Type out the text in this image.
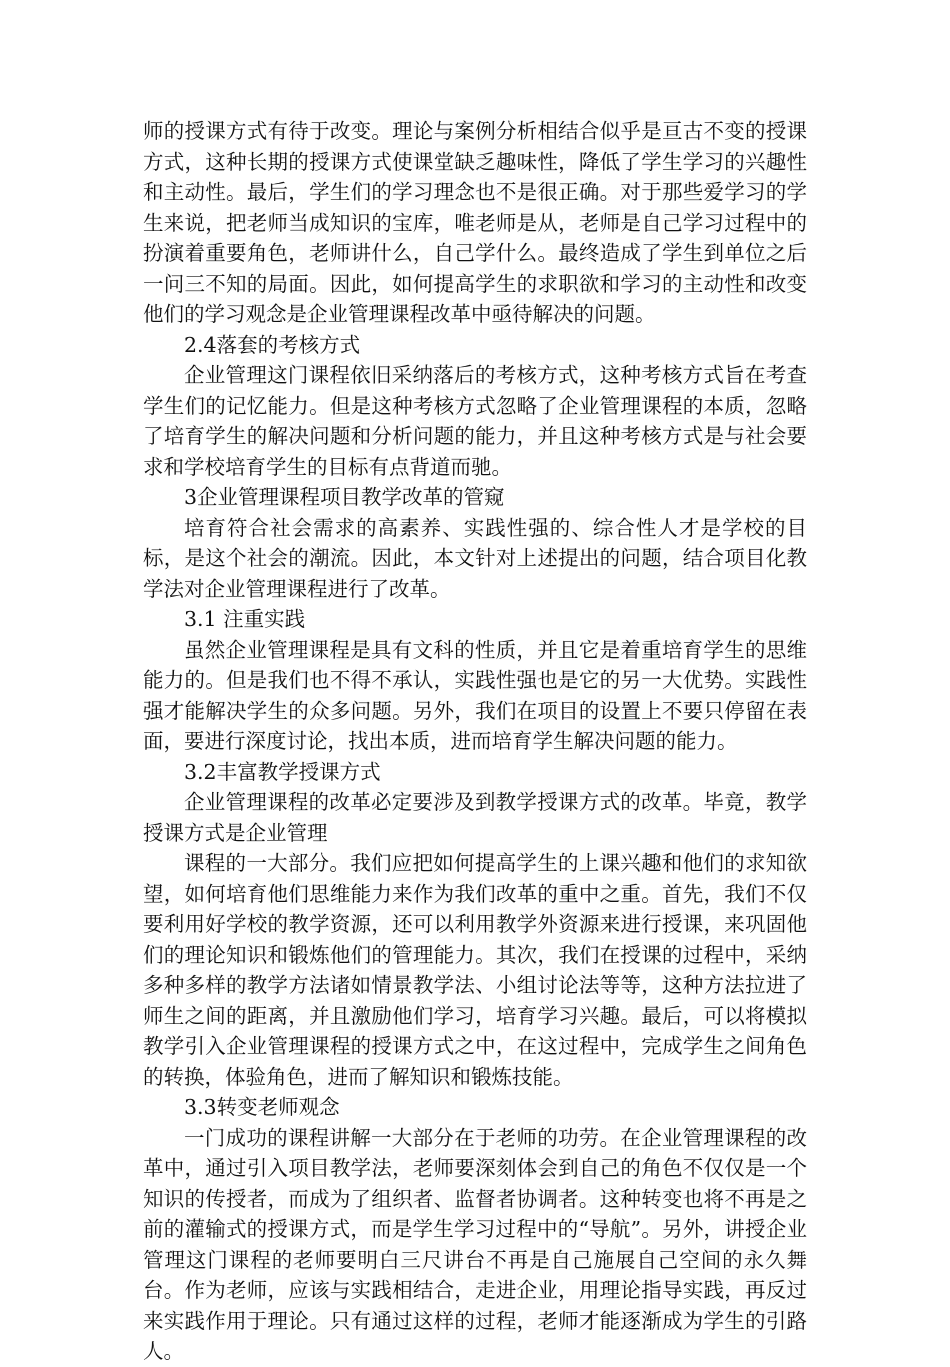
师的授课方式有待于改变。理论与案例分析相结合似乎是亘古不变的授课方式，这种长期的授课方式使课堂缺乏趣味性，降低了学生学习的兴趣性和主动性。最后，学生们的学习理念也不是很正确。对于那些爱学习的学生来说，把老师当成知识的宝库，唯老师是从，老师是自己学习过程中的扮演着重要角色，老师讲什么，自己学什么。最终造成了学生到单位之后一问三不知的局面。因此，如何提高学生的求职欲和学习的主动性和改变他们的学习观念是企业管理课程改革中亟待解决的问题。

2.4落套的考核方式

企业管理这门课程依旧采纳落后的考核方式，这种考核方式旨在考查学生们的记忆能力。但是这种考核方式忽略了企业管理课程的本质，忽略了培育学生的解决问题和分析问题的能力，并且这种考核方式是与社会要求和学校培育学生的目标有点背道而驰。

3企业管理课程项目教学改革的管窥

培育符合社会需求的高素养、实践性强的、综合性人才是学校的目标，是这个社会的潮流。因此，本文针对上述提出的问题，结合项目化教学法对企业管理课程进行了改革。

3.1 注重实践

虽然企业管理课程是具有文科的性质，并且它是着重培育学生的思维能力的。但是我们也不得不承认，实践性强也是它的另一大优势。实践性强才能解决学生的众多问题。另外，我们在项目的设置上不要只停留在表面，要进行深度讨论，找出本质，进而培育学生解决问题的能力。

3.2丰富教学授课方式

企业管理课程的改革必定要涉及到教学授课方式的改革。毕竟，教学授课方式是企业管理

课程的一大部分。我们应把如何提高学生的上课兴趣和他们的求知欲望，如何培育他们思维能力来作为我们改革的重中之重。首先，我们不仅要利用好学校的教学资源，还可以利用教学外资源来进行授课，来巩固他们的理论知识和锻炼他们的管理能力。其次，我们在授课的过程中，采纳多种多样的教学方法诸如情景教学法、小组讨论法等等，这种方法拉进了师生之间的距离，并且激励他们学习，培育学习兴趣。最后，可以将模拟教学引入企业管理课程的授课方式之中，在这过程中，完成学生之间角色的转换，体验角色，进而了解知识和锻炼技能。

3.3转变老师观念

一门成功的课程讲解一大部分在于老师的功劳。在企业管理课程的改革中，通过引入项目教学法，老师要深刻体会到自己的角色不仅仅是一个知识的传授者，而成为了组织者、监督者协调者。这种转变也将不再是之前的灌输式的授课方式，而是学生学习过程中的“导航”。另外，讲授企业管理这门课程的老师要明白三尺讲台不再是自己施展自己空间的永久舞台。作为老师，应该与实践相结合，走进企业，用理论指导实践，再反过来实践作用于理论。只有通过这样的过程，老师才能逐渐成为学生的引路人。
